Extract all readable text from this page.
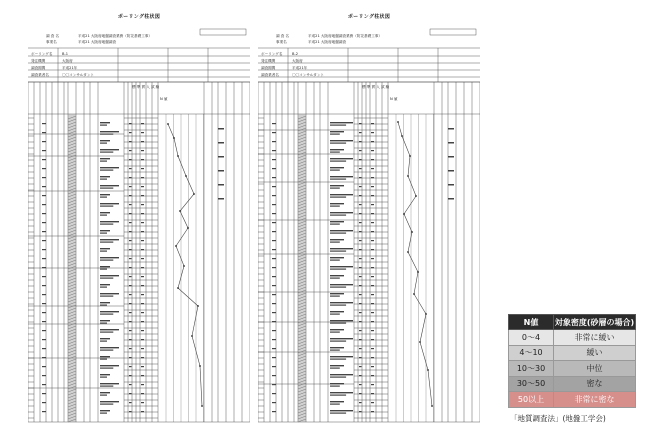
ボーリング柱状図
調 査 名	平成21 大阪府地盤調査業務（防災基礎工事）
事業名	平成21 大阪府地盤調査
ボーリング名	B-1
発注機関	大阪府
調査期間	平成21年
調査業者名	〇〇コンサルタント
標 準 貫 入 試 験
N 値
ボーリング柱状図
調 査 名	平成21 大阪府地盤調査業務（防災基礎工事）
事業名	平成21 大阪府地盤調査
ボーリング名	B-2
発注機関	大阪府
調査期間	平成21年
調査業者名	〇〇コンサルタント
標 準 貫 入 試 験
N 値
N値	対象密度(砂層の場合)
0〜4	非常に緩い
4〜10	緩い
10〜30	中位
30〜50	密な
50以上	非常に密な
「地質調査法」(地盤工学会)
